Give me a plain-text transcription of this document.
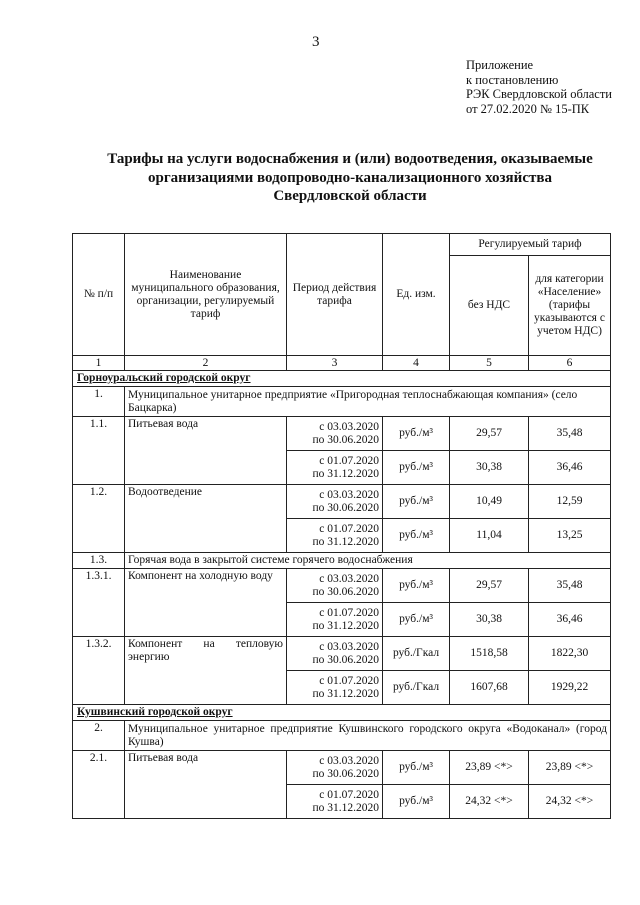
3
Приложение
к постановлению
РЭК Свердловской области
от 27.02.2020 № 15-ПК
Тарифы на услуги водоснабжения и (или) водоотведения, оказываемые
организациями водопроводно-канализационного хозяйства
Свердловской области
№ п/п	Наименование муниципального образования, организации, регулируемый тариф	Период действия тарифа	Ед. изм.	Регулируемый тариф	
				без НДС	для категории «Население» (тарифы указываются с учетом НДС)
1	2	3	4	5	6
Горноуральский городской округ					
1.	Муниципальное унитарное предприятие «Пригородная теплоснабжающая компания» (село Бацкарка)				
1.1.	Питьевая вода	с 03.03.2020
по 30.06.2020	руб./м³	29,57	35,48

		с 01.07.2020
по 31.12.2020	руб./м³	30,38	36,46
1.2.	Водоотведение	с 03.03.2020
по 30.06.2020	руб./м³	10,49	12,59

		с 01.07.2020
по 31.12.2020	руб./м³	11,04	13,25
1.3.	Горячая вода в закрытой системе горячего водоснабжения				
1.3.1.	Компонент на холодную воду	с 03.03.2020
по 30.06.2020	руб./м³	29,57	35,48

		с 01.07.2020
по 31.12.2020	руб./м³	30,38	36,46
1.3.2.	Компонент на тепловую энергию	с 03.03.2020
по 30.06.2020	руб./Гкал	1518,58	1822,30

		с 01.07.2020
по 31.12.2020	руб./Гкал	1607,68	1929,22
Кушвинский городской округ					
2.	Муниципальное унитарное предприятие Кушвинского городского округа «Водоканал» (город Кушва)				
2.1.	Питьевая вода	с 03.03.2020
по 30.06.2020	руб./м³	23,89 <*>	23,89 <*>

		с 01.07.2020
по 31.12.2020	руб./м³	24,32 <*>	24,32 <*>
